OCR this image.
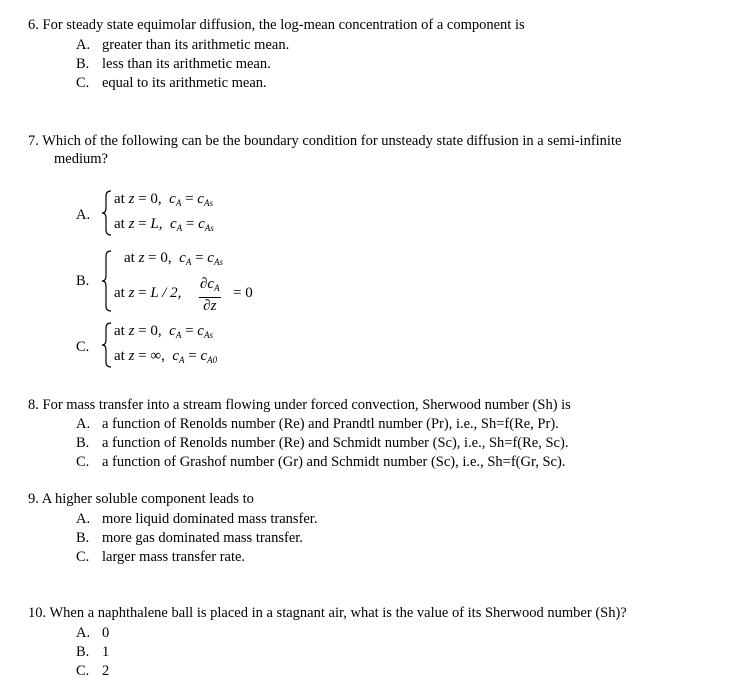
6. For steady state equimolar diffusion, the log-mean concentration of a component is
A. greater than its arithmetic mean.
B. less than its arithmetic mean.
C. equal to its arithmetic mean.
7. Which of the following can be the boundary condition for unsteady state diffusion in a semi-infinite
medium?
A.
at z = 0, $c_A = c_{As}$
at z = L, $c_A = c_{As}$
B.
at z = 0, $c_A = c_{As}$
at z = L / 2, $\frac{\partial c_A}{\partial z} = 0$
C.
at z = 0, $c_A = c_{As}$
at z = ∞, $c_A = c_{A0}$
8. For mass transfer into a stream flowing under forced convection, Sherwood number (Sh) is
A. a function of Renolds number (Re) and Prandtl number (Pr), i.e., Sh=f(Re, Pr).
B. a function of Renolds number (Re) and Schmidt number (Sc), i.e., Sh=f(Re, Sc).
C. a function of Grashof number (Gr) and Schmidt number (Sc), i.e., Sh=f(Gr, Sc).
9. A higher soluble component leads to
A. more liquid dominated mass transfer.
B. more gas dominated mass transfer.
C. larger mass transfer rate.
10. When a naphthalene ball is placed in a stagnant air, what is the value of its Sherwood number (Sh)?
A. 0
B. 1
C. 2
